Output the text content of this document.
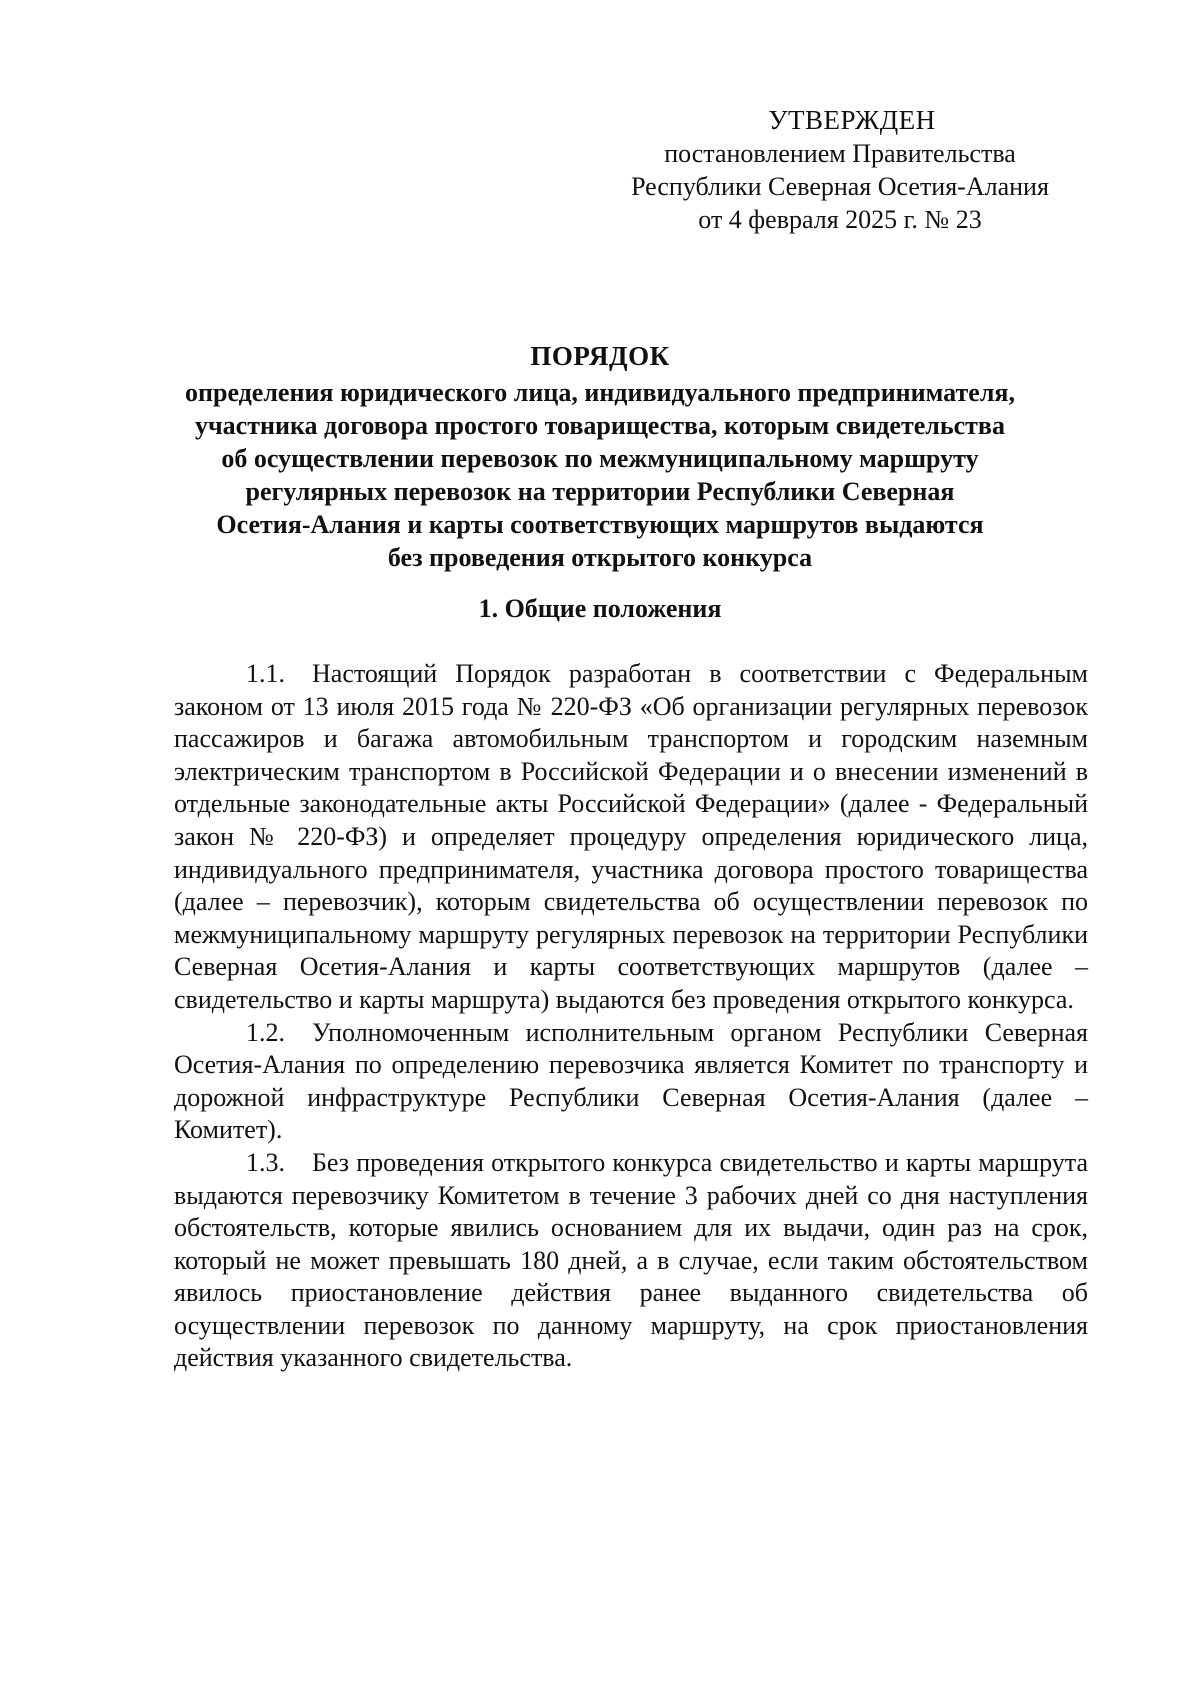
УТВЕРЖДЕН
постановлением Правительства
Республики Северная Осетия-Алания
от 4 февраля 2025 г. № 23
ПОРЯДОК
определения юридического лица, индивидуального предпринимателя,
участника договора простого товарищества, которым свидетельства
об осуществлении перевозок по межмуниципальному маршруту
регулярных перевозок на территории Республики Северная
Осетия-Алания и карты соответствующих маршрутов выдаются
без проведения открытого конкурса
1. Общие положения

1.1. Настоящий Порядок разработан в соответствии с Федеральным законом от 13 июля 2015 года № 220-ФЗ «Об организации регулярных перевозок пассажиров и багажа автомобильным транспортом и городским наземным электрическим транспортом в Российской Федерации и о внесении изменений в отдельные законодательные акты Российской Федерации» (далее - Федеральный закон № 220-ФЗ) и определяет процедуру определения юридического лица, индивидуального предпринимателя, участника договора простого товарищества (далее – перевозчик), которым свидетельства об осуществлении перевозок по межмуниципальному маршруту регулярных перевозок на территории Республики Северная Осетия-Алания и карты соответствующих маршрутов (далее – свидетельство и карты маршрута) выдаются без проведения открытого конкурса.

1.2. Уполномоченным исполнительным органом Республики Северная Осетия-Алания по определению перевозчика является Комитет по транспорту и дорожной инфраструктуре Республики Северная Осетия-Алания (далее – Комитет).

1.3. Без проведения открытого конкурса свидетельство и карты маршрута выдаются перевозчику Комитетом в течение 3 рабочих дней со дня наступления обстоятельств, которые явились основанием для их выдачи, один раз на срок, который не может превышать 180 дней, а в случае, если таким обстоятельством явилось приостановление действия ранее выданного свидетельства об осуществлении перевозок по данному маршруту, на срок приостановления действия указанного свидетельства.
